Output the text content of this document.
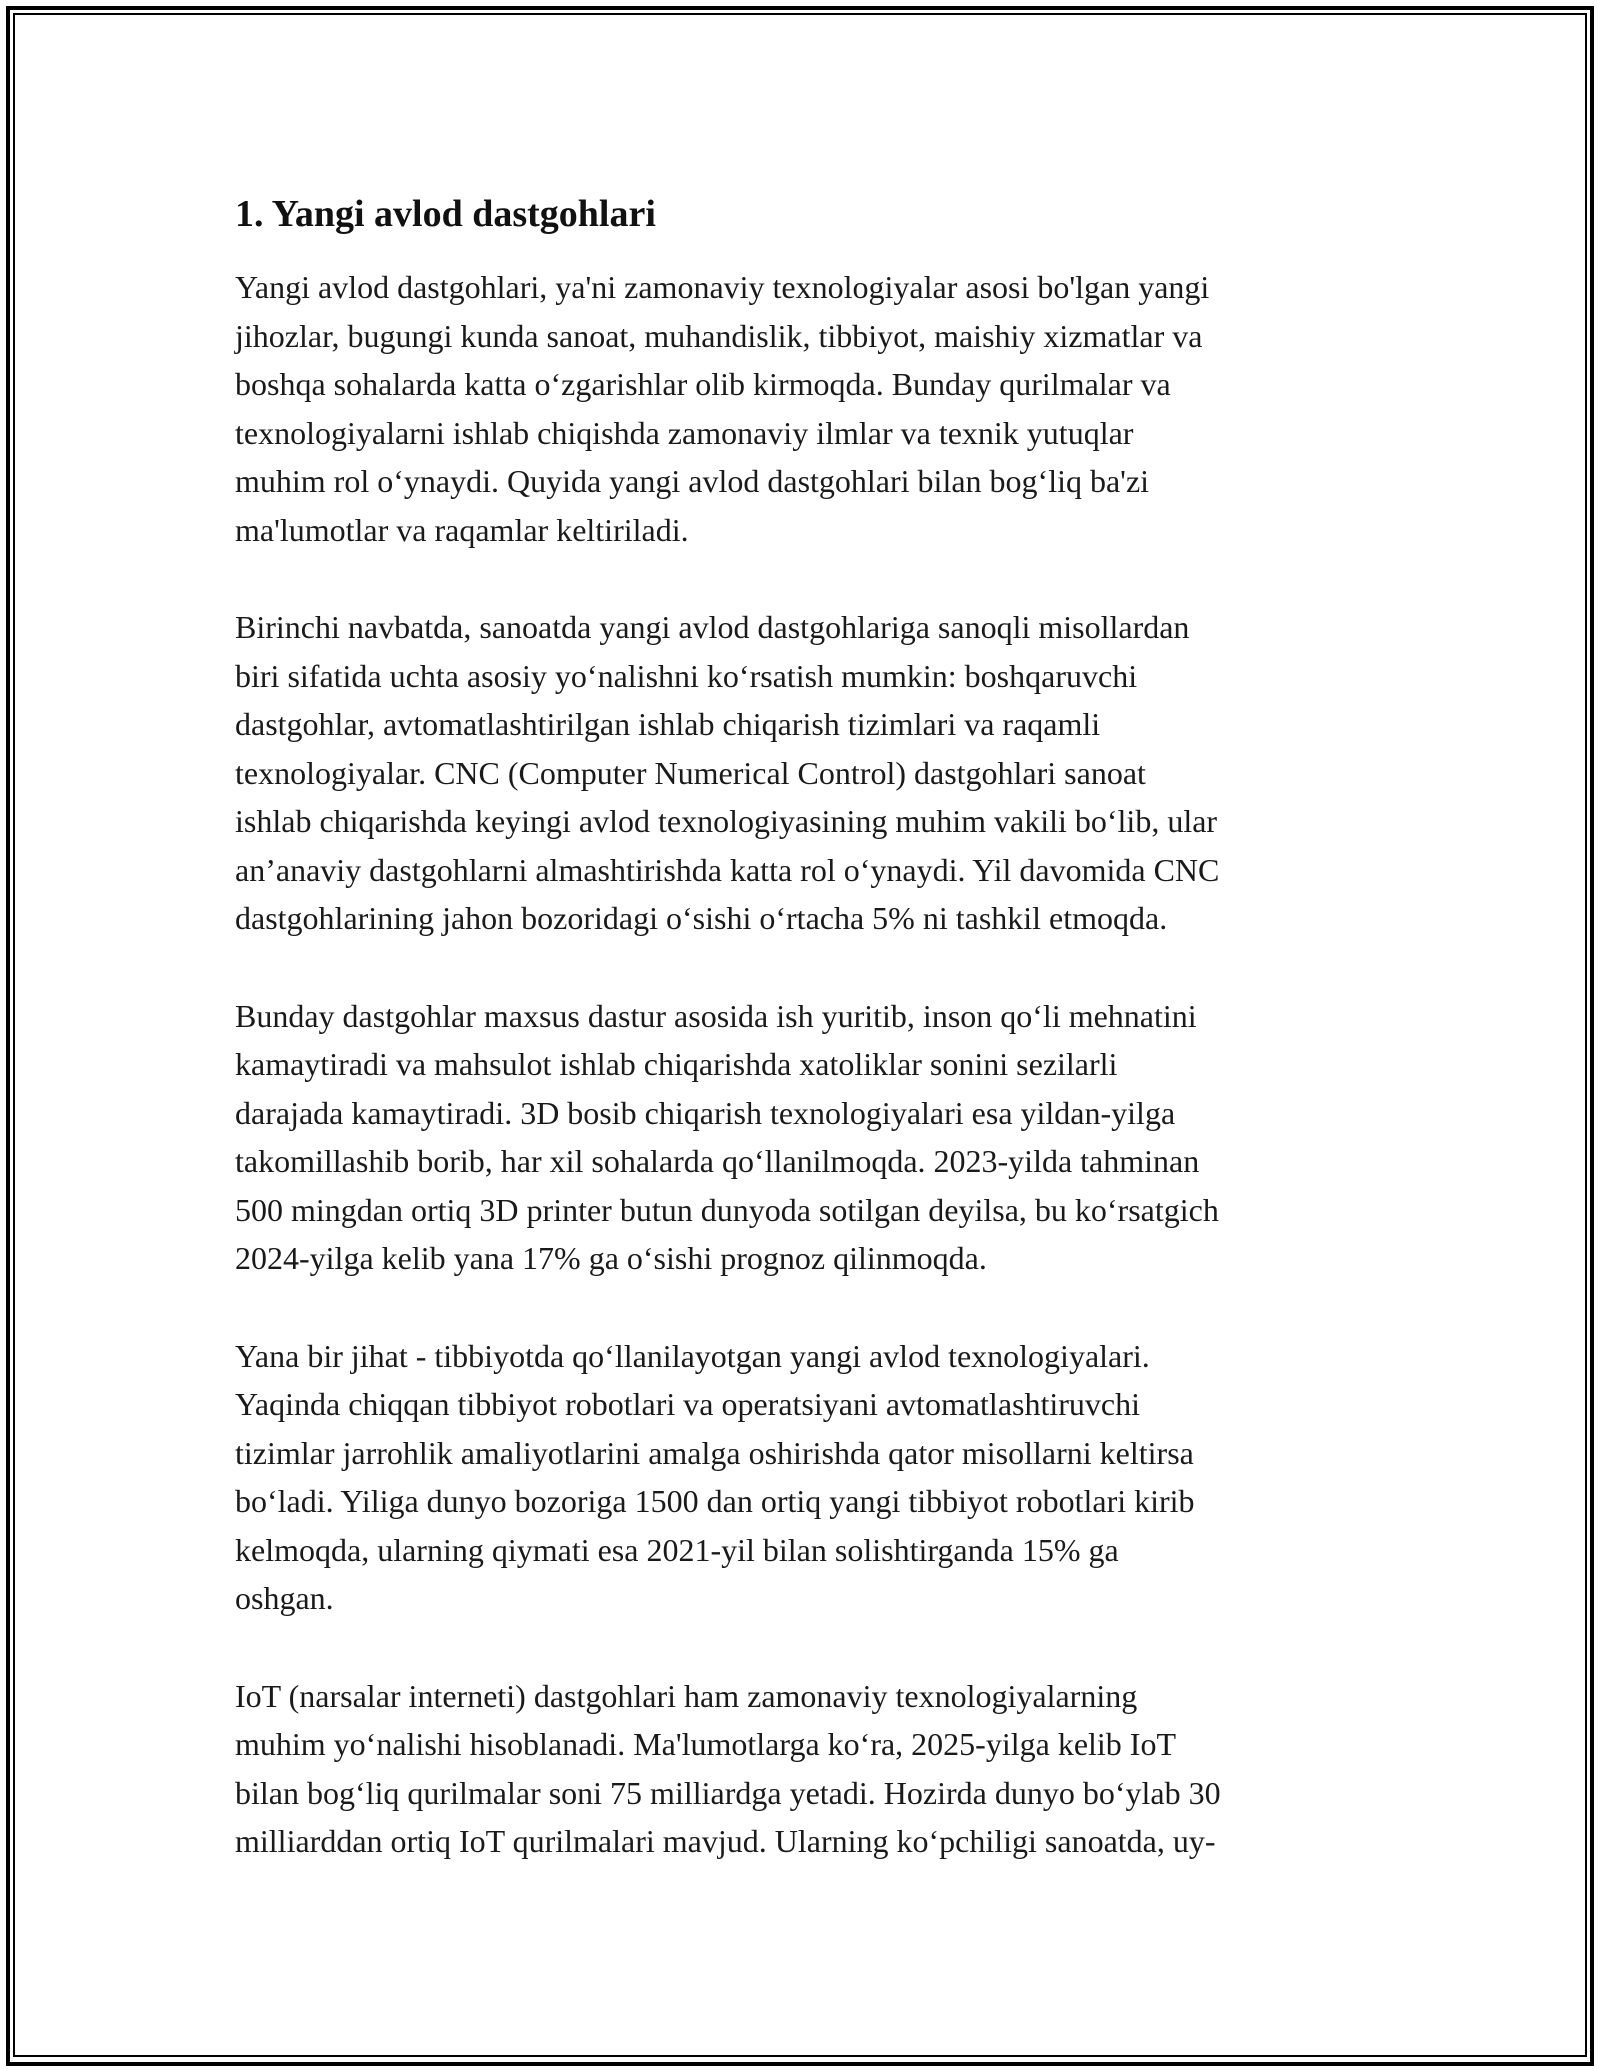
1. Yangi avlod dastgohlari

Yangi avlod dastgohlari, ya'ni zamonaviy texnologiyalar asosi bo'lgan yangi
jihozlar, bugungi kunda sanoat, muhandislik, tibbiyot, maishiy xizmatlar va
boshqa sohalarda katta o‘zgarishlar olib kirmoqda. Bunday qurilmalar va
texnologiyalarni ishlab chiqishda zamonaviy ilmlar va texnik yutuqlar
muhim rol o‘ynaydi. Quyida yangi avlod dastgohlari bilan bog‘liq ba'zi
ma'lumotlar va raqamlar keltiriladi.

Birinchi navbatda, sanoatda yangi avlod dastgohlariga sanoqli misollardan
biri sifatida uchta asosiy yo‘nalishni ko‘rsatish mumkin: boshqaruvchi
dastgohlar, avtomatlashtirilgan ishlab chiqarish tizimlari va raqamli
texnologiyalar. CNC (Computer Numerical Control) dastgohlari sanoat
ishlab chiqarishda keyingi avlod texnologiyasining muhim vakili bo‘lib, ular
an’anaviy dastgohlarni almashtirishda katta rol o‘ynaydi. Yil davomida CNC
dastgohlarining jahon bozoridagi o‘sishi o‘rtacha 5% ni tashkil etmoqda.

Bunday dastgohlar maxsus dastur asosida ish yuritib, inson qo‘li mehnatini
kamaytiradi va mahsulot ishlab chiqarishda xatoliklar sonini sezilarli
darajada kamaytiradi. 3D bosib chiqarish texnologiyalari esa yildan-yilga
takomillashib borib, har xil sohalarda qo‘llanilmoqda. 2023-yilda tahminan
500 mingdan ortiq 3D printer butun dunyoda sotilgan deyilsa, bu ko‘rsatgich
2024-yilga kelib yana 17% ga o‘sishi prognoz qilinmoqda.

Yana bir jihat - tibbiyotda qo‘llanilayotgan yangi avlod texnologiyalari.
Yaqinda chiqqan tibbiyot robotlari va operatsiyani avtomatlashtiruvchi
tizimlar jarrohlik amaliyotlarini amalga oshirishda qator misollarni keltirsa
bo‘ladi. Yiliga dunyo bozoriga 1500 dan ortiq yangi tibbiyot robotlari kirib
kelmoqda, ularning qiymati esa 2021-yil bilan solishtirganda 15% ga
oshgan.

IoT (narsalar interneti) dastgohlari ham zamonaviy texnologiyalarning
muhim yo‘nalishi hisoblanadi. Ma'lumotlarga ko‘ra, 2025-yilga kelib IoT
bilan bog‘liq qurilmalar soni 75 milliardga yetadi. Hozirda dunyo bo‘ylab 30
milliarddan ortiq IoT qurilmalari mavjud. Ularning ko‘pchiligi sanoatda, uy-
